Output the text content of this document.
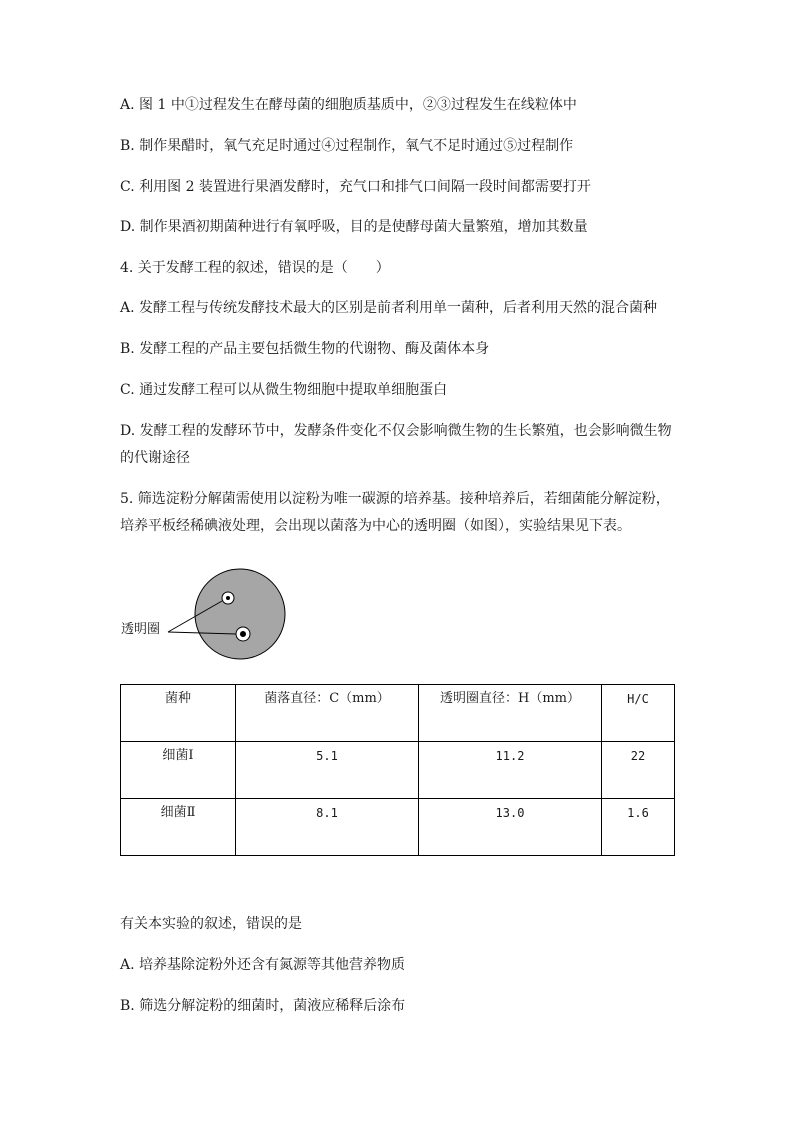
A. 图 1 中①过程发生在酵母菌的细胞质基质中，②③过程发生在线粒体中
B. 制作果醋时，氧气充足时通过④过程制作，氧气不足时通过⑤过程制作
C. 利用图 2 装置进行果酒发酵时，充气口和排气口间隔一段时间都需要打开
D. 制作果酒初期菌种进行有氧呼吸，目的是使酵母菌大量繁殖，增加其数量
4. 关于发酵工程的叙述，错误的是（　　）
A. 发酵工程与传统发酵技术最大的区别是前者利用单一菌种，后者利用天然的混合菌种
B. 发酵工程的产品主要包括微生物的代谢物、酶及菌体本身
C. 通过发酵工程可以从微生物细胞中提取单细胞蛋白
D. 发酵工程的发酵环节中，发酵条件变化不仅会影响微生物的生长繁殖，也会影响微生物
的代谢途径
5. 筛选淀粉分解菌需使用以淀粉为唯一碳源的培养基。接种培养后，若细菌能分解淀粉，
培养平板经稀碘液处理，会出现以菌落为中心的透明圈（如图），实验结果见下表。
透明圈
菌种	菌落直径：C（mm）	透明圈直径：H（mm）	H/C
细菌Ⅰ	5.1	11.2	22
细菌Ⅱ	8.1	13.0	1.6
有关本实验的叙述，错误的是
A. 培养基除淀粉外还含有氮源等其他营养物质
B. 筛选分解淀粉的细菌时，菌液应稀释后涂布
